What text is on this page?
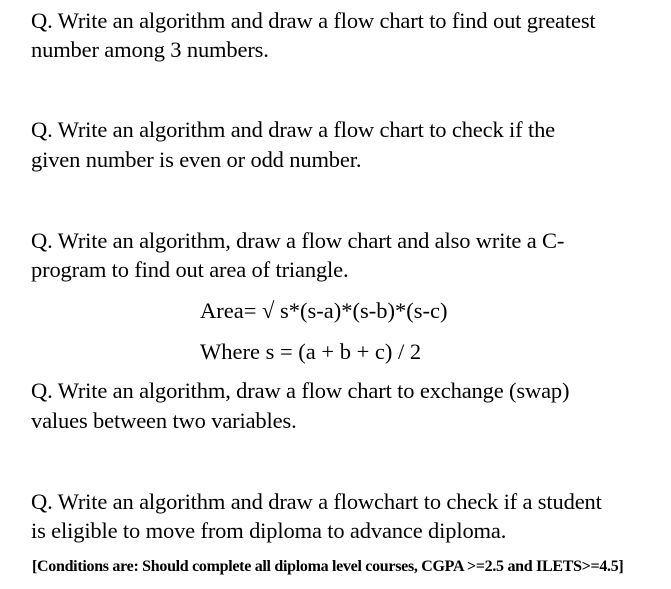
Q. Write an algorithm and draw a flow chart to find out greatest
number among 3 numbers.
Q. Write an algorithm and draw a flow chart to check if the
given number is even or odd number.
Q. Write an algorithm, draw a flow chart and also write a C-
program to find out area of triangle.
Area= √ s*(s-a)*(s-b)*(s-c)
Where s = (a + b + c) / 2
Q. Write an algorithm, draw a flow chart to exchange (swap)
values between two variables.
Q. Write an algorithm and draw a flowchart to check if a student
is eligible to move from diploma to advance diploma.
[Conditions are: Should complete all diploma level courses, CGPA >=2.5 and ILETS>=4.5]
